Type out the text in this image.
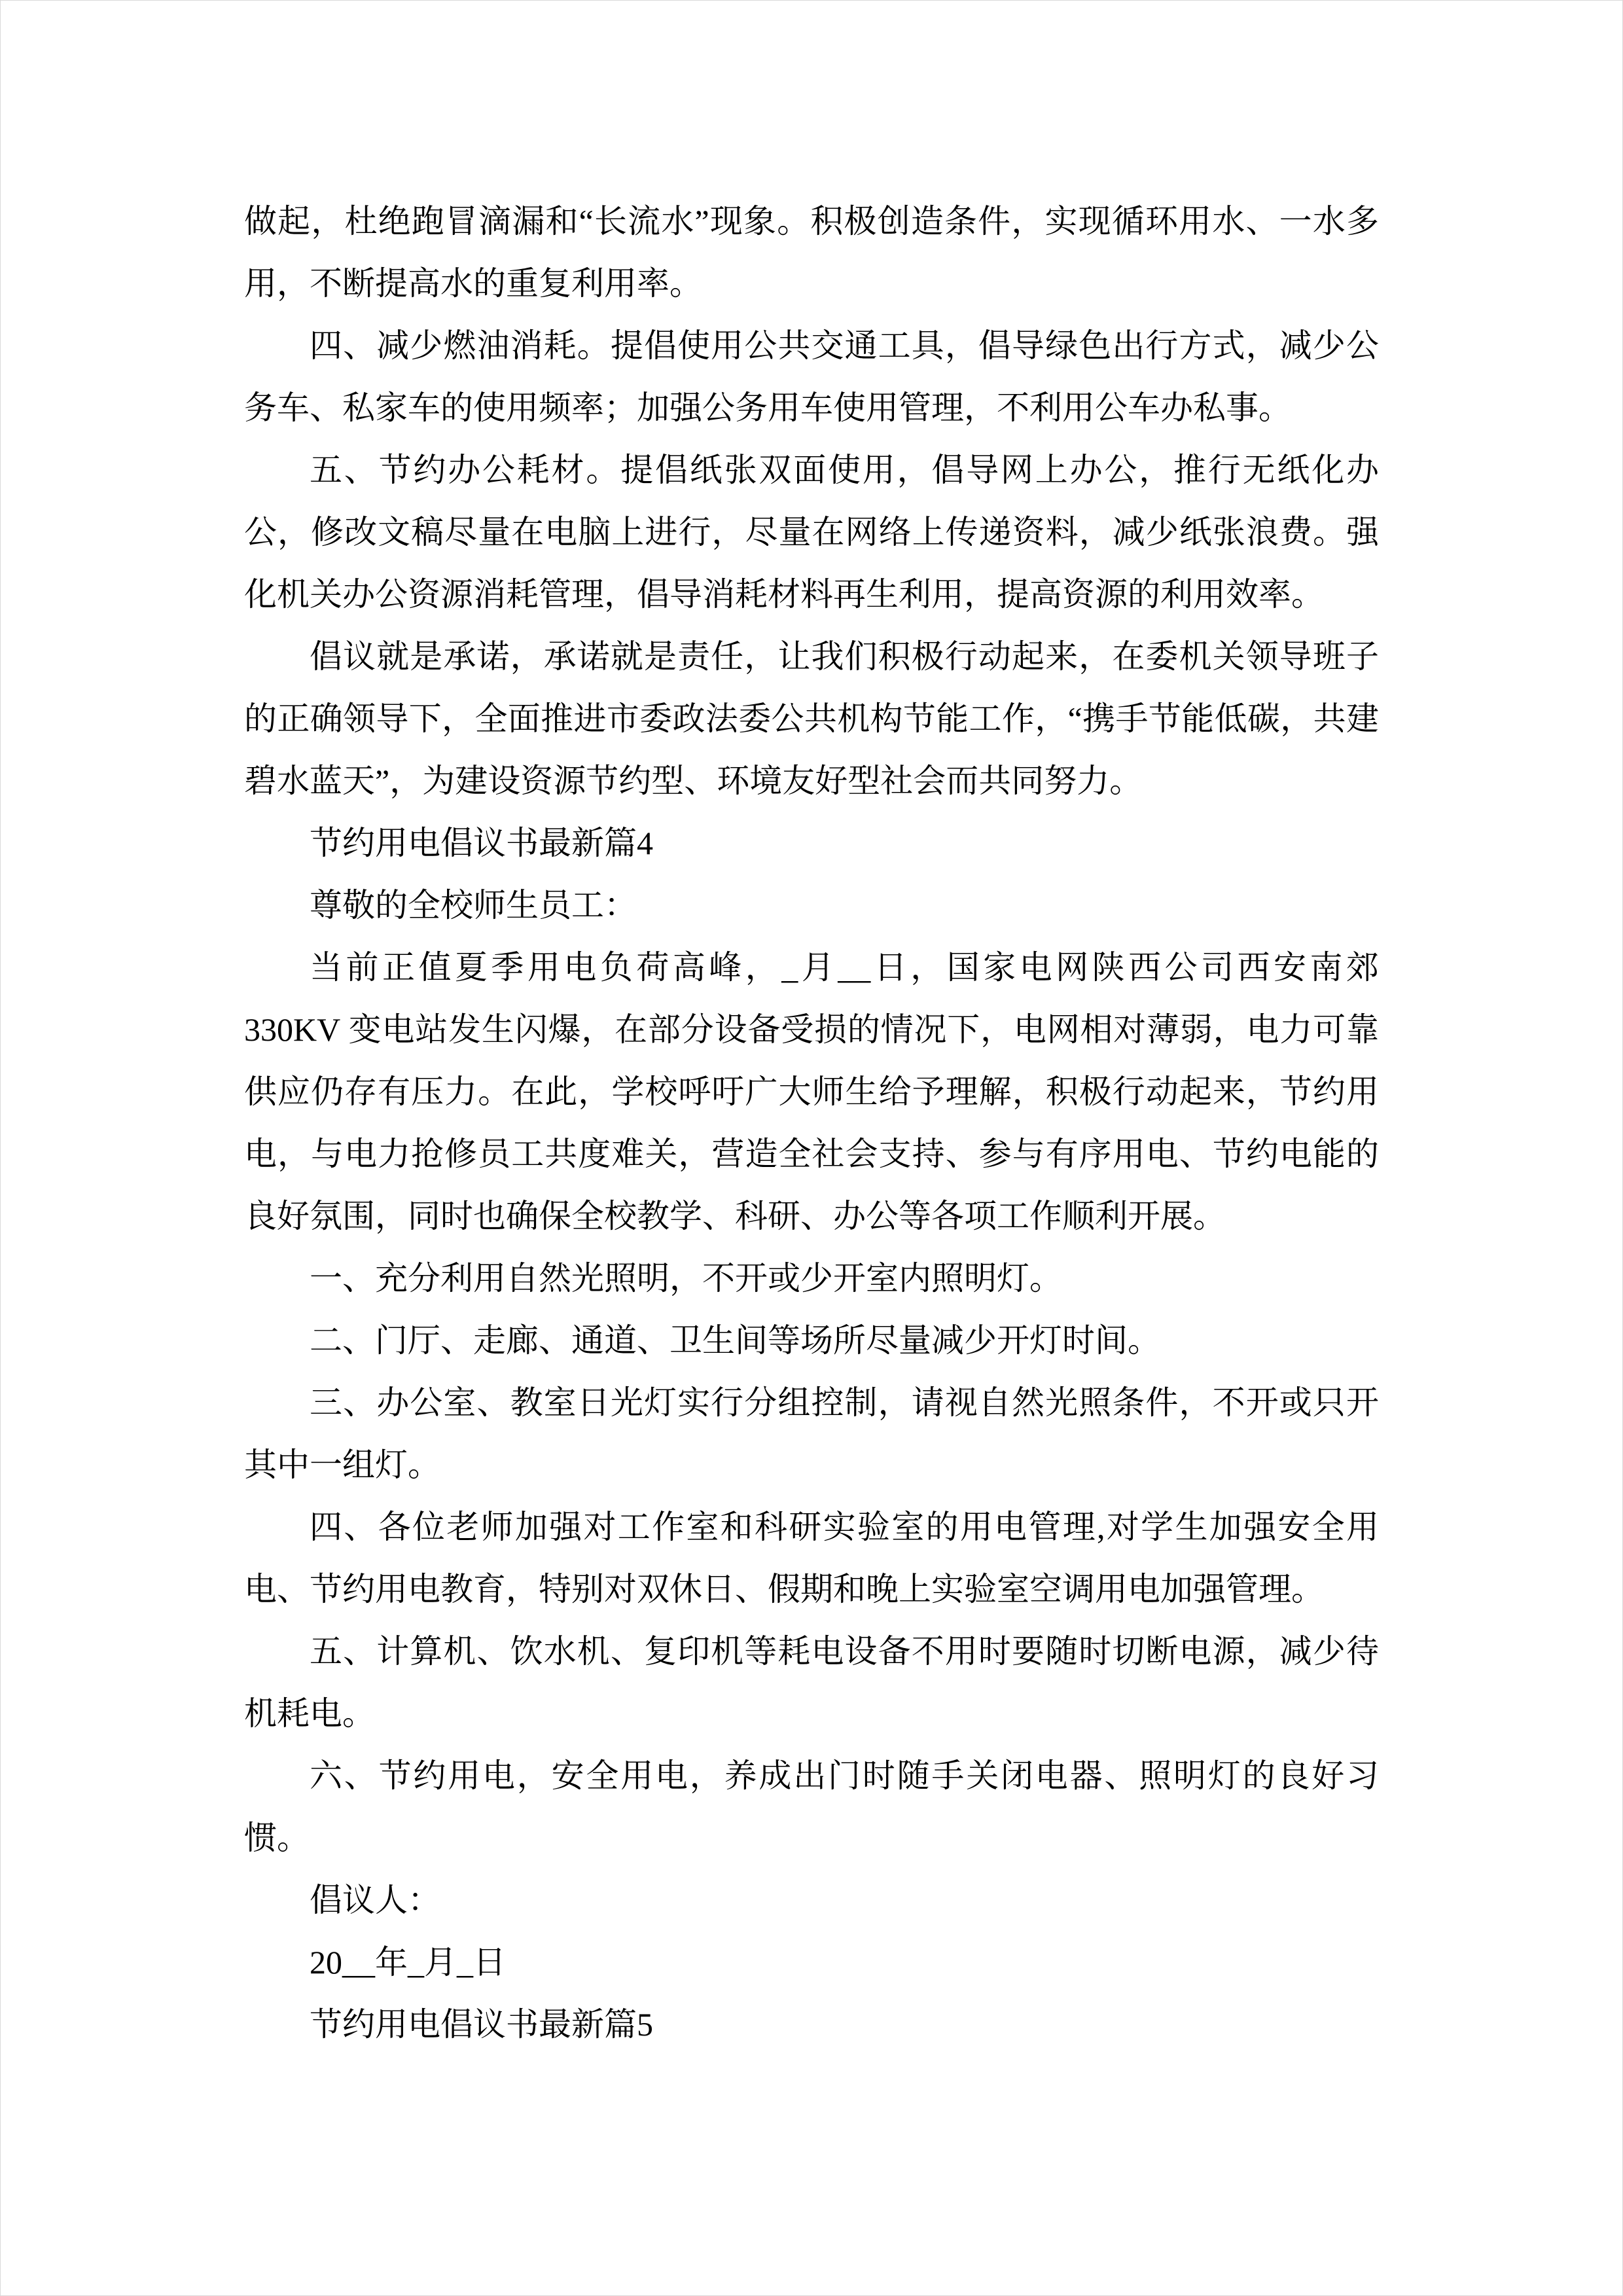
做起，杜绝跑冒滴漏和“长流水”现象。积极创造条件，实现循环用水、一水多用，不断提高水的重复利用率。

四、减少燃油消耗。提倡使用公共交通工具，倡导绿色出行方式，减少公务车、私家车的使用频率；加强公务用车使用管理，不利用公车办私事。

五、节约办公耗材。提倡纸张双面使用，倡导网上办公，推行无纸化办公，修改文稿尽量在电脑上进行，尽量在网络上传递资料，减少纸张浪费。强化机关办公资源消耗管理，倡导消耗材料再生利用，提高资源的利用效率。

倡议就是承诺，承诺就是责任，让我们积极行动起来，在委机关领导班子的正确领导下，全面推进市委政法委公共机构节能工作，“携手节能低碳，共建碧水蓝天”，为建设资源节约型、环境友好型社会而共同努力。

节约用电倡议书最新篇4

尊敬的全校师生员工：

当前正值夏季用电负荷高峰，_月__日，国家电网陕西公司西安南郊 330KV 变电站发生闪爆，在部分设备受损的情况下，电网相对薄弱，电力可靠供应仍存有压力。在此，学校呼吁广大师生给予理解，积极行动起来，节约用电，与电力抢修员工共度难关，营造全社会支持、参与有序用电、节约电能的良好氛围，同时也确保全校教学、科研、办公等各项工作顺利开展。

一、充分利用自然光照明，不开或少开室内照明灯。

二、门厅、走廊、通道、卫生间等场所尽量减少开灯时间。

三、办公室、教室日光灯实行分组控制，请视自然光照条件，不开或只开其中一组灯。

四、各位老师加强对工作室和科研实验室的用电管理,对学生加强安全用电、节约用电教育，特别对双休日、假期和晚上实验室空调用电加强管理。

五、计算机、饮水机、复印机等耗电设备不用时要随时切断电源，减少待机耗电。

六、节约用电，安全用电，养成出门时随手关闭电器、照明灯的良好习惯。

倡议人：

20__年_月_日

节约用电倡议书最新篇5
